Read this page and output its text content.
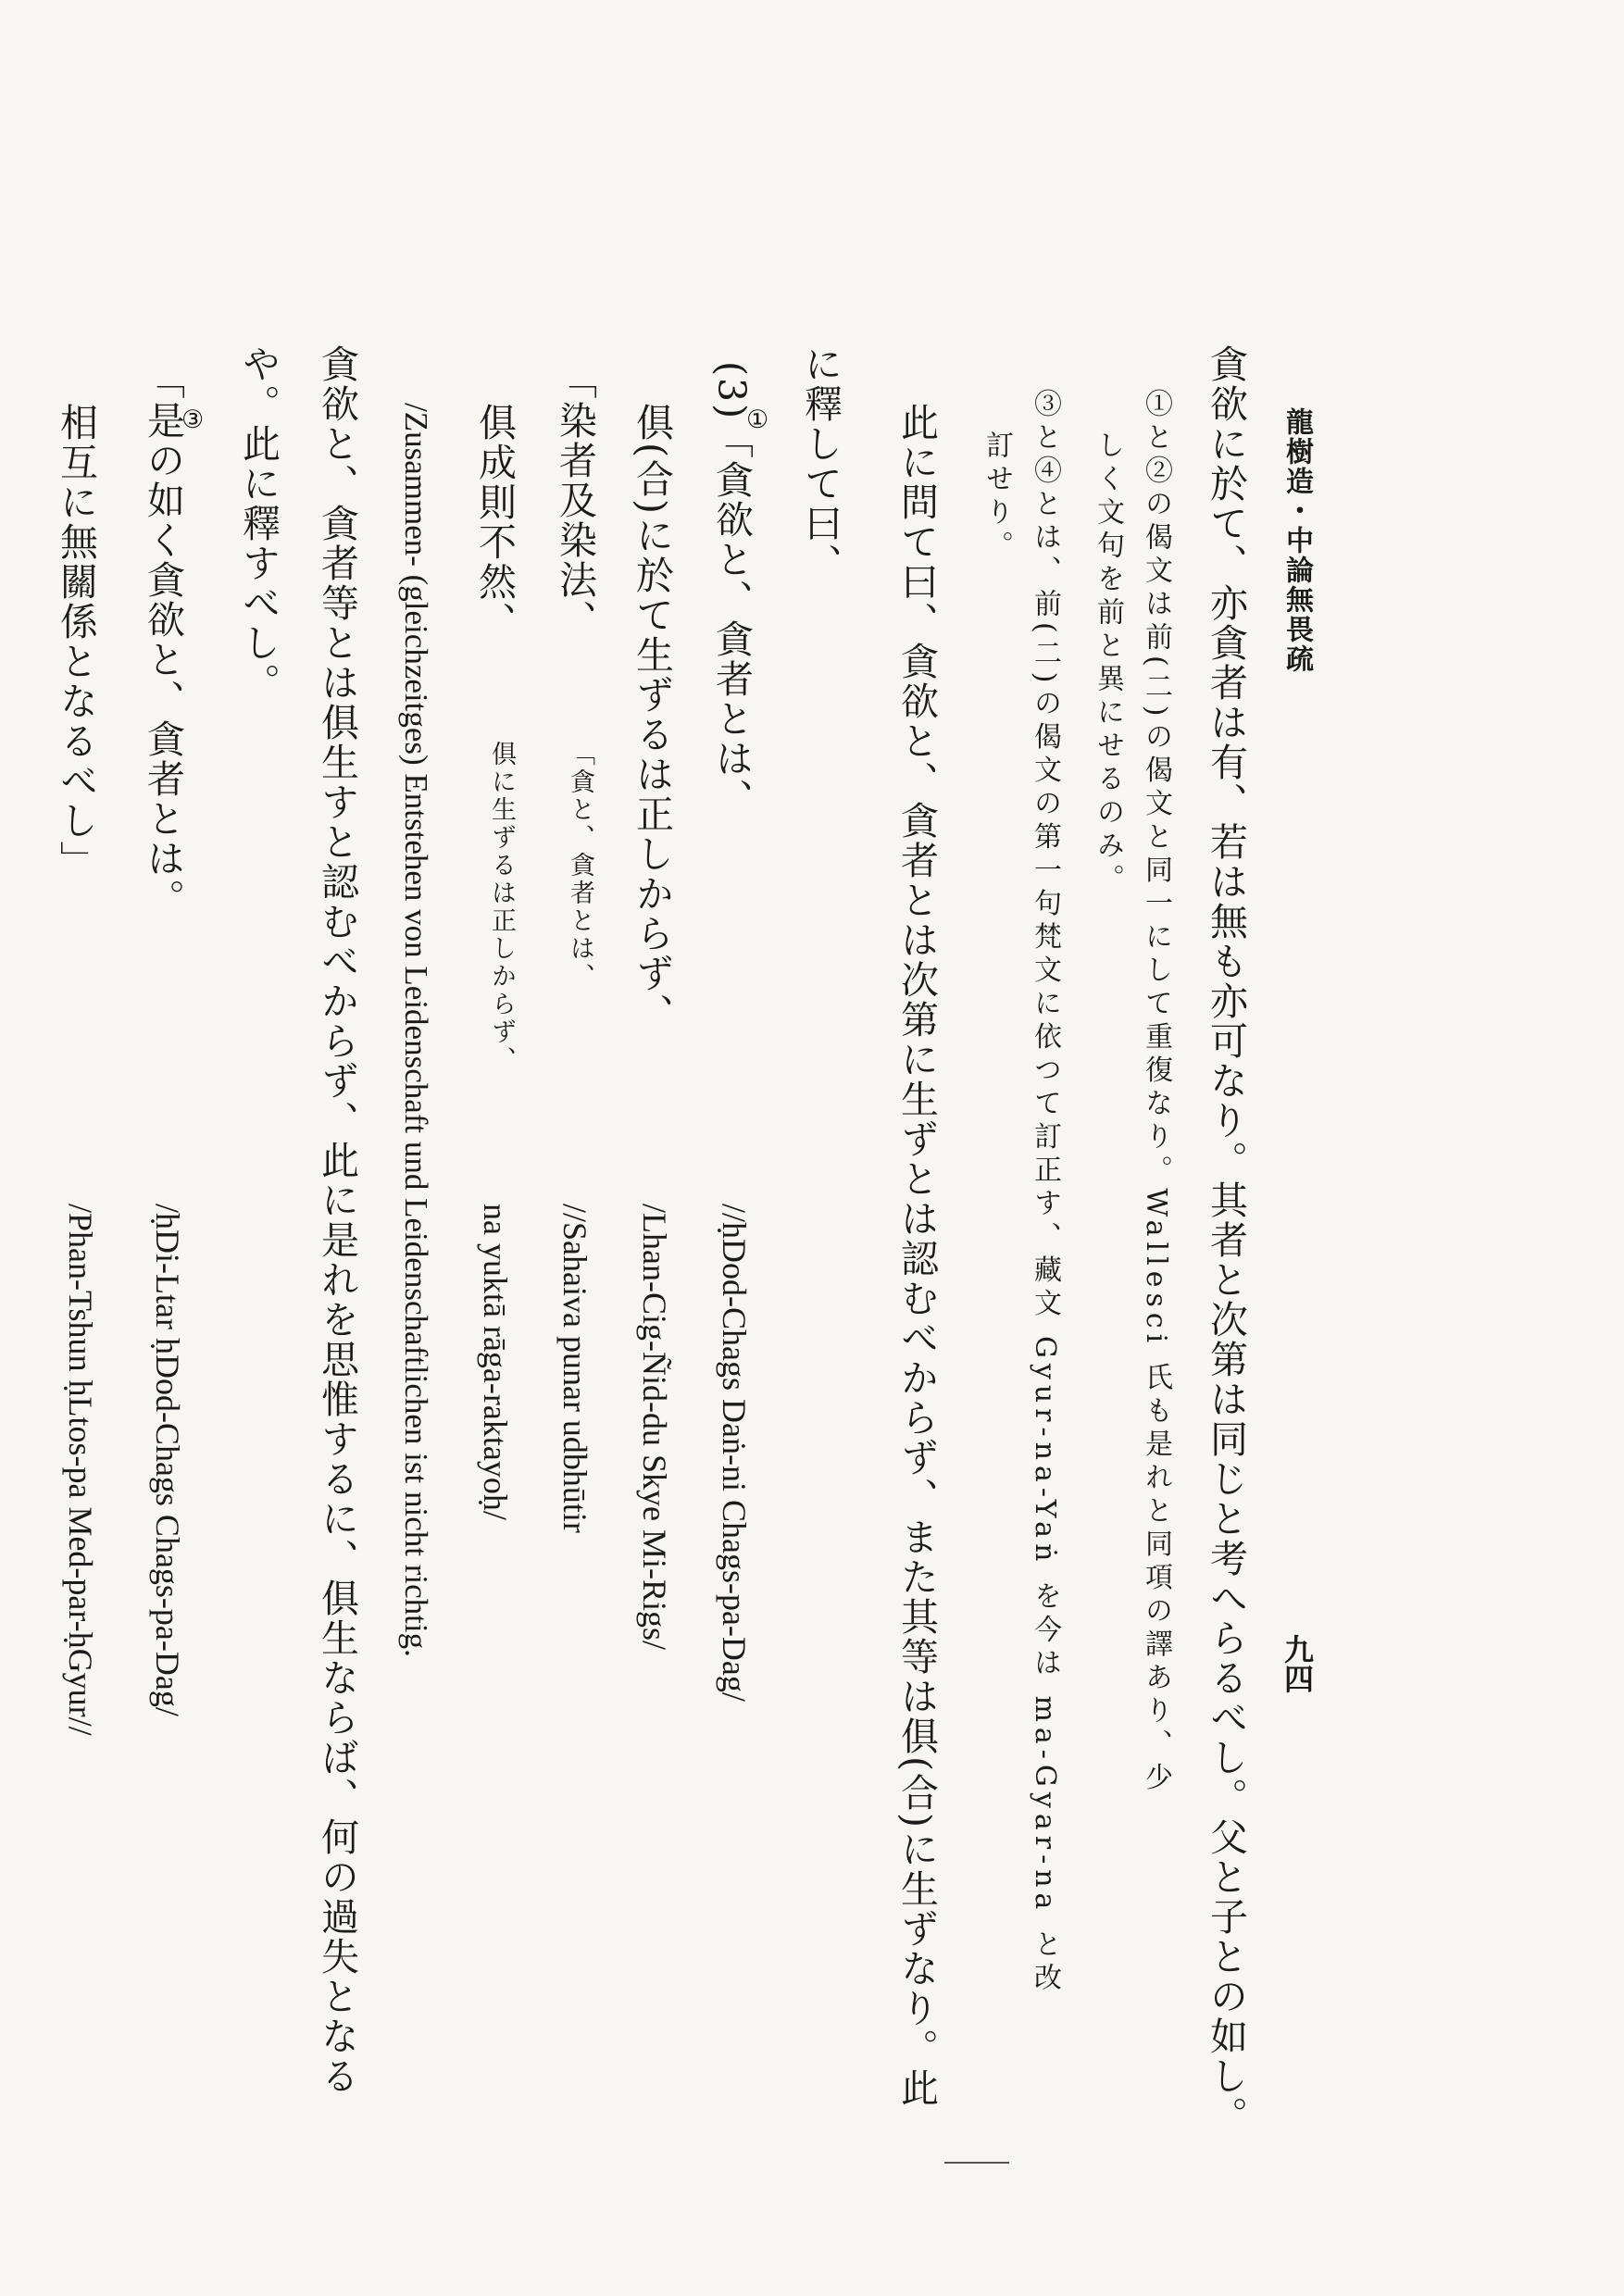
龍樹造・中論無畏疏
九四
貪欲に於て、亦貪者は有、若は無も亦可なり。其者と次第は同じと考へらるべし。父と子との如し。
①と②の偈文は前(二)の偈文と同一にして重復なり。Wallesci 氏も是れと同項の譯あり、少
しく文句を前と異にせるのみ。
③と④とは、前(二)の偈文の第一句梵文に依つて訂正す、藏文 Gyur-na-Yaṅ を今は ma-Gyar-na と改
訂せり。
此に問て曰、貪欲と、貪者とは次第に生ずとは認むべからず、また其等は俱(合)に生ずなり。此
に釋して曰、
(3)「貪欲と、貪者とは、
①
俱(合)に於て生ずるは正しからず、
「染者及染法、
「貪と、貪者とは、
俱成則不然、
俱に生ずるは正しからず、
貪欲と、貪者等とは俱生すと認むべからず、此に是れを思惟するに、俱生ならば、何の過失となる
や。此に釋すべし。
「是の如く貪欲と、貪者とは。
③
相互に無關係となるべし」
//ḥDod-Chags Daṅ-ni Chags-pa-Dag/
/Lhan-Cig-Ñid-du Skye Mi-Rigs/
//Sahaiva punar udbhūtir
na yuktā rāga-raktayoḥ/
/Zusammen- (gleichzeitges) Entstehen von Leidenschaft und Leidenschaftlichen ist nicht richtig.
/ḥDi-Ltar ḥDod-Chags Chags-pa-Dag/
/Phan-Tshun ḥLtos-pa Med-par-ḥGyur//
